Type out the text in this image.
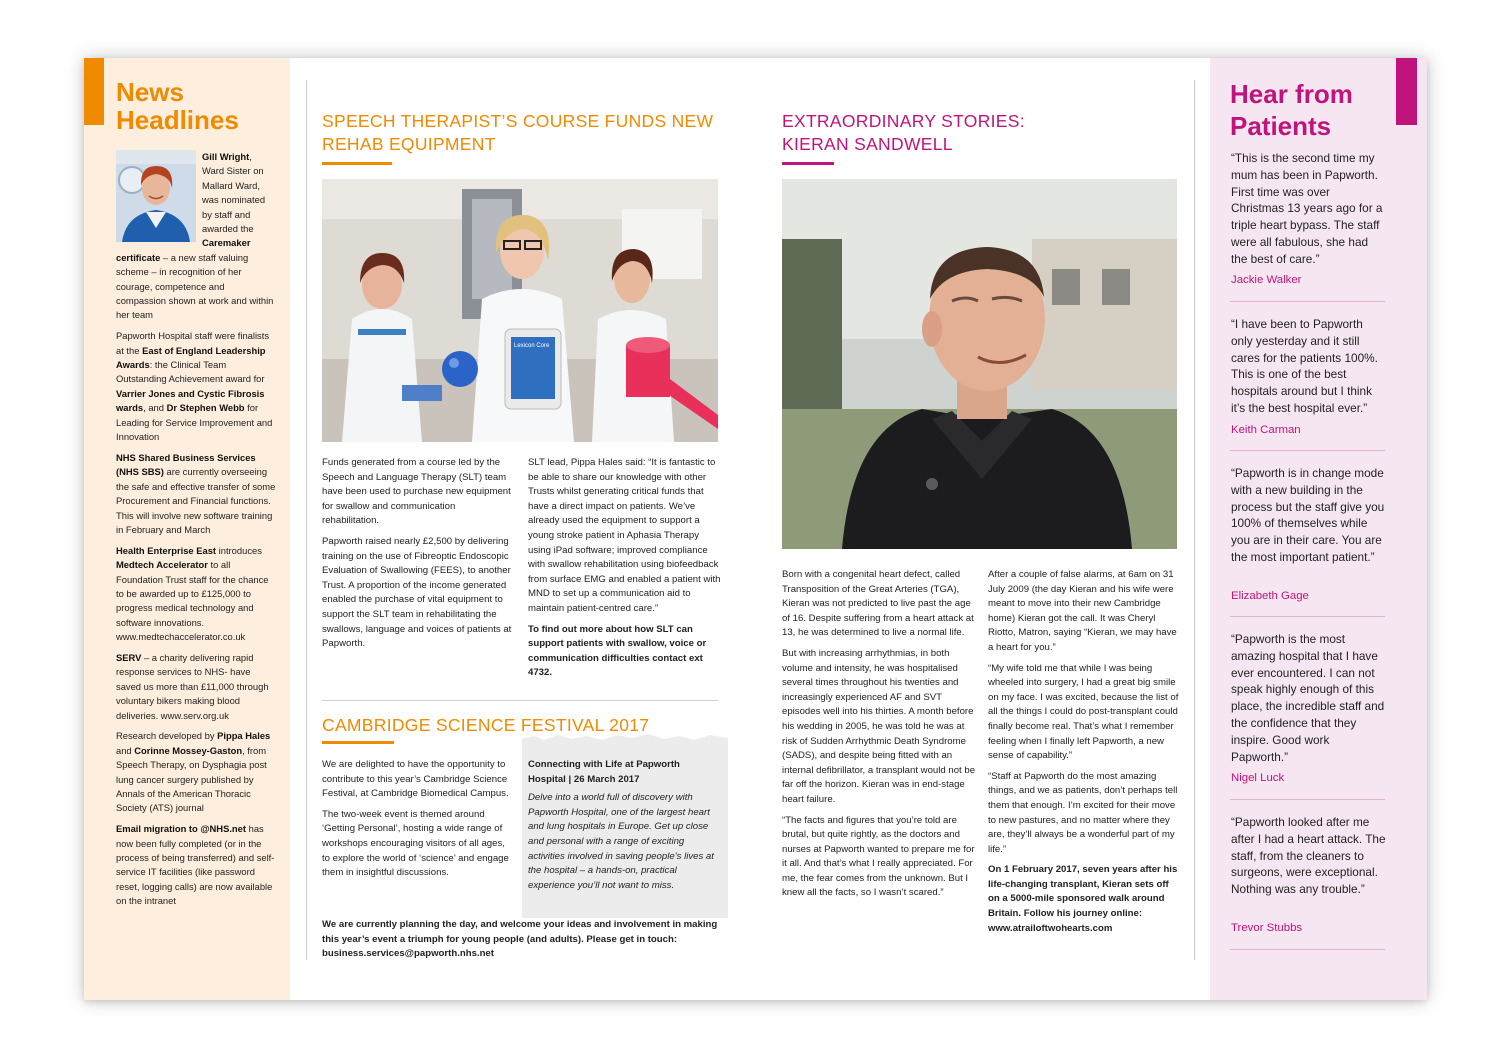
News
Headlines

Gill Wright, Ward Sister on Mallard Ward, was nominated by staff and awarded the Caremaker certificate – a new staff valuing scheme – in recognition of her courage, competence and compassion shown at work and within her team

Papworth Hospital staff were finalists at the East of England Leadership Awards: the Clinical Team Outstanding Achievement award for Varrier Jones and Cystic Fibrosis wards, and Dr Stephen Webb for Leading for Service Improvement and Innovation

NHS Shared Business Services (NHS SBS) are currently overseeing the safe and effective transfer of some Procurement and Financial functions. This will involve new software training in February and March

Health Enterprise East introduces Medtech Accelerator to all Foundation Trust staff for the chance to be awarded up to £125,000 to progress medical technology and software innovations. www.medtechaccelerator.co.uk

SERV – a charity delivering rapid response services to NHS- have saved us more than £11,000 through voluntary bikers making blood deliveries. www.serv.org.uk

Research developed by Pippa Hales and Corinne Mossey-Gaston, from Speech Therapy, on Dysphagia post lung cancer surgery published by Annals of the American Thoracic Society (ATS) journal

Email migration to @NHS.net has now been fully completed (or in the process of being transferred) and self-service IT facilities (like password reset, logging calls) are now available on the intranet

SPEECH THERAPIST’S COURSE FUNDS NEW
REHAB EQUIPMENT
Lexicon Core

Funds generated from a course led by the Speech and Language Therapy (SLT) team have been used to purchase new equipment for swallow and communication rehabilitation.

Papworth raised nearly £2,500 by delivering training on the use of Fibreoptic Endoscopic Evaluation of Swallowing (FEES), to another Trust. A proportion of the income generated enabled the purchase of vital equipment to support the SLT team in rehabilitating the swallows, language and voices of patients at Papworth.

SLT lead, Pippa Hales said: “It is fantastic to be able to share our knowledge with other Trusts whilst generating critical funds that have a direct impact on patients. We’ve already used the equipment to support a young stroke patient in Aphasia Therapy using iPad software; improved compliance with swallow rehabilitation using biofeedback from surface EMG and enabled a patient with MND to set up a communication aid to maintain patient-centred care.”

To find out more about how SLT can support patients with swallow, voice or communication difficulties contact ext 4732.

CAMBRIDGE SCIENCE FESTIVAL 2017

We are delighted to have the opportunity to contribute to this year’s Cambridge Science Festival, at Cambridge Biomedical Campus.

The two-week event is themed around ‘Getting Personal’, hosting a wide range of workshops encouraging visitors of all ages, to explore the world of ‘science’ and engage them in insightful discussions.

Connecting with Life at Papworth Hospital | 26 March 2017

Delve into a world full of discovery with Papworth Hospital, one of the largest heart and lung hospitals in Europe. Get up close and personal with a range of exciting activities involved in saving people’s lives at the hospital – a hands-on, practical experience you’ll not want to miss.

We are currently planning the day, and welcome your ideas and involvement in making this year’s event a triumph for young people (and adults). Please get in touch: business.services@papworth.nhs.net
EXTRAORDINARY STORIES:
KIERAN SANDWELL

Born with a congenital heart defect, called Transposition of the Great Arteries (TGA), Kieran was not predicted to live past the age of 16. Despite suffering from a heart attack at 13, he was determined to live a normal life.

But with increasing arrhythmias, in both volume and intensity, he was hospitalised several times throughout his twenties and increasingly experienced AF and SVT episodes well into his thirties. A month before his wedding in 2005, he was told he was at risk of Sudden Arrhythmic Death Syndrome (SADS), and despite being fitted with an internal defibrillator, a transplant would not be far off the horizon. Kieran was in end-stage heart failure.

“The facts and figures that you’re told are brutal, but quite rightly, as the doctors and nurses at Papworth wanted to prepare me for it all. And that’s what I really appreciated. For me, the fear comes from the unknown. But I knew all the facts, so I wasn’t scared.”

After a couple of false alarms, at 6am on 31 July 2009 (the day Kieran and his wife were meant to move into their new Cambridge home) Kieran got the call. It was Cheryl Riotto, Matron, saying “Kieran, we may have a heart for you.”

“My wife told me that while I was being wheeled into surgery, I had a great big smile on my face. I was excited, because the list of all the things I could do post-transplant could finally become real. That’s what I remember feeling when I finally left Papworth, a new sense of capability.”

“Staff at Papworth do the most amazing things, and we as patients, don’t perhaps tell them that enough. I’m excited for their move to new pastures, and no matter where they are, they’ll always be a wonderful part of my life.”

On 1 February 2017, seven years after his life-changing transplant, Kieran sets off on a 5000-mile sponsored walk around Britain. Follow his journey online: www.atrailoftwohearts.com

Hear from
Patients

“This is the second time my mum has been in Papworth. First time was over Christmas 13 years ago for a triple heart bypass. The staff were all fabulous, she had the best of care.”

Jackie Walker

“I have been to Papworth only yesterday and it still cares for the patients 100%. This is one of the best hospitals around but I think it’s the best hospital ever.”

Keith Carman

“Papworth is in change mode with a new building in the process but the staff give you 100% of themselves while you are in their care. You are the most important patient.”

Elizabeth Gage

“Papworth is the most amazing hospital that I have ever encountered. I can not speak highly enough of this place, the incredible staff and the confidence that they inspire. Good work Papworth.”

Nigel Luck

“Papworth looked after me after I had a heart attack. The staff, from the cleaners to surgeons, were exceptional. Nothing was any trouble.”

Trevor Stubbs
